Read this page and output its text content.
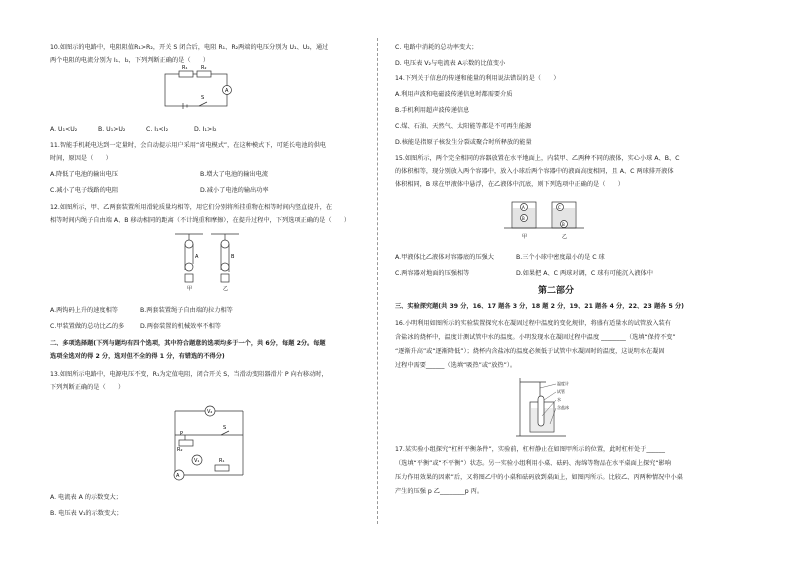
10.如图示的电路中，电阻阻值R₁>R₂，开关 S 闭合后，电阻 R₁、R₂两端的电压分别为 U₁、U₂，通过
两个电阻的电流分别为 I₁、I₂，下列判断正确的是（　　）
R₁	R₂
A
S
A. U₁<U₂	B. U₁>U₂	C. I₁<I₂	D. I₁>I₂
11.智能手机耗电达到一定量时，会自动提示用户采用“省电模式”，在这种模式下，可延长电池的供电
时间，原因是（　　）
A.降低了电池的输出电压	B.增大了电池的输出电流
C.减小了电子线路的电阻	D.减小了电池的输出功率
12.如图所示，甲、乙两套装置所用滑轮质量均相等，用它们分别将所挂重物在相等时间内竖直提升，在
相等时间内绳子自由端 A、B 移动相同的距离（不计绳重和摩擦），在提升过程中，下列选项正确的是（　　）
A	B
甲	乙
A.两钩码上升的速度相等	B.两套装置绳子自由端的拉力相等
C.甲装置做的总功比乙的多	D.两套装置的机械效率不相等
二、多项选择题(下列与题均有四个选项，其中符合题意的选项均多于一个，共 6分，每题 2分。每题
选项全选对的得 2 分，选对但不全的得 1 分，有错选的不得分)
13.如图所示电路中，电源电压不变，R₁为定值电阻，闭合开关 S，当滑动变阻器滑片 P 向右移动时，
下列判断正确的是（　　）
V₂
V₁
A
P
R₂
R₁
S
A. 电流表 A 的示数变大；
B. 电压表 V₁的示数变大；
C. 电路中消耗的总功率变大；
D. 电压表 V₂与电流表 A示数的比值变小
14.下列关于信息的传递和能量的利用说法错误的是（　　）
A.利用声波和电磁波传递信息时都需要介质
B.手机利用超声波传递信息
C.煤、石油、天然气、太阳能等都是不可再生能源
D.核能是指原子核发生分裂或聚合时所释放的能量
15.如图所示，两个完全相同的容器放置在水平地面上，内装甲、乙两种不同的液体，实心小球 A、B、C
的体积相等，现分别放入两个容器中，放入小球后两个容器中的液面高度相同，且 A、C 两球排开液体
体积相同，B 球在甲液体中悬浮，在乙液体中沉底，则下列选项中正确的是（　　）
A
B
C
B
甲	乙
A.甲液体比乙液体对容器底的压强大	B.三个小球中密度最小的是 C 球
C.两容器对地面的压强相等	D.如果把 A、C 两球对调，C 球有可能沉入液体中
第二部分
三、实验探究题(共 39 分，16、17 题各 3 分，18 题 2 分，19、21 题各 4 分，22、23 题各 5 分)
16.小明利用如图所示的实验装置探究水在凝固过程中温度的变化规律，将盛有适量水的试管放入装有
含盐冰的烧杯中，温度计测试管中水的温度。小明发现水在凝固过程中温度 ________（选填“保持不变”
“逐渐升高”或“逐渐降低”）；烧杯内含盐冰的温度必须低于试管中水凝固时的温度，这说明水在凝固
过程中需要______（选填“吸热”或“放热”）。
温度计
试管
水
含盐冰
17.某实验小组探究“杠杆平衡条件”，实验前，杠杆静止在如图甲所示的位置，此时杠杆处于______
（选填“平衡”或“不平衡”）状态。另一实验小组利用小桌、砝码、海绵等物品在水平桌面上探究“影响
压力作用效果的因素”后，又将图乙中的小桌和砝码放到桌面上，如图丙所示。比较乙、丙两种情况中小桌
产生的压强 p 乙________p 丙。
